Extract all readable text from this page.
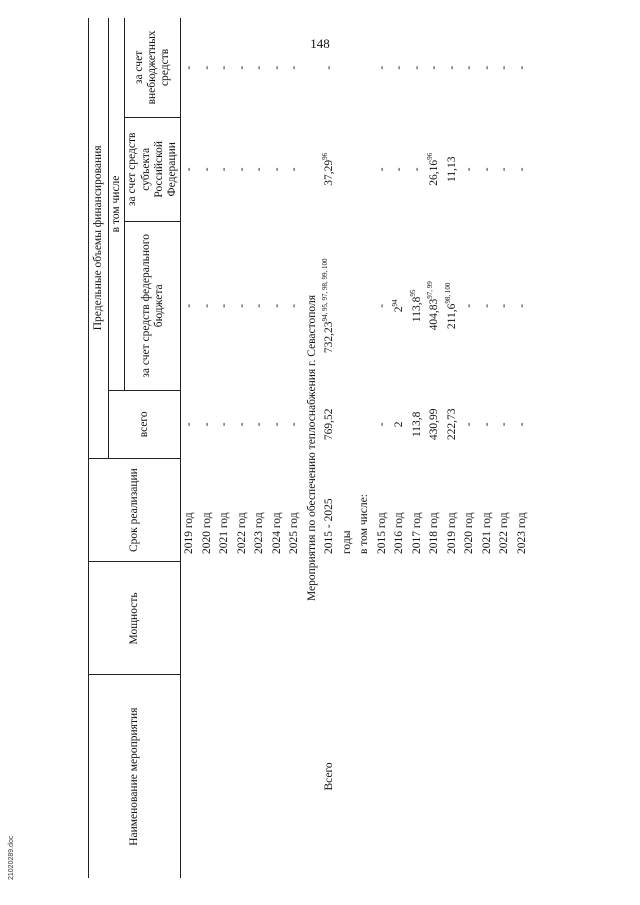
148
21020289.doc
Наименование мероприятия	Мощность	Срок реализации	Предельные объемы финансирования			
			всего	в том числе		
				за счет средств федерального бюджета	за счет средств субъекта Российской Федерации	за счет внебюджетных средств
		2019 год	-	-	-	-
		2020 год	-	-	-	-
		2021 год	-	-	-	-
		2022 год	-	-	-	-
		2023 год	-	-	-	-
		2024 год	-	-	-	-
		2025 год	-	-	-	-
Мероприятия по обеспечению теплоснабжения г. Севастополя						
Всего		2015 - 2025	769,52	732,23$^{94, 95, 97, 98, 99, 100}$	37,29$^{96}$	-
		годы				
		в том числе:				
		2015 год	-	-	-	-
		2016 год	2	$2^{94}$	-	-
		2017 год	113,8	113,8$^{95}$	-	-
		2018 год	430,99	404,83$^{97, 99}$	26,16$^{96}$	-
		2019 год	222,73	211,6$^{98, 100}$	11,13	-
		2020 год	-	-	-	-
		2021 год	-	-	-	-
		2022 год	-	-	-	-
		2023 год	-	-	-	-
